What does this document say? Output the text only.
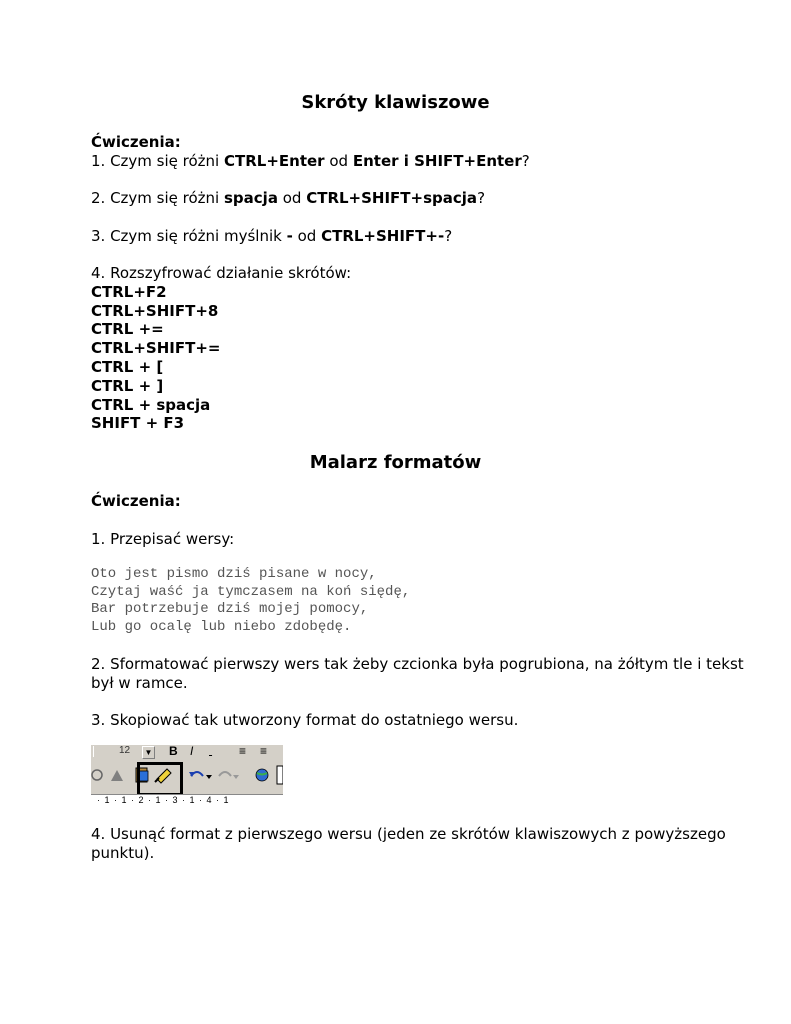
Skróty klawiszowe
Ćwiczenia:
1. Czym się różni CTRL+Enter od Enter i SHIFT+Enter?
2. Czym się różni spacja od CTRL+SHIFT+spacja?
3. Czym się różni myślnik - od CTRL+SHIFT+-?
4. Rozszyfrować działanie skrótów:
CTRL+F2
CTRL+SHIFT+8
CTRL +=
CTRL+SHIFT+=
CTRL + [
CTRL + ]
CTRL + spacja
SHIFT + F3
Malarz formatów
Ćwiczenia:
1. Przepisać wersy:
Oto jest pismo dziś pisane w nocy,
Czytaj waść ja tymczasem na koń siędę,
Bar potrzebuje dziś mojej pomocy,
Lub go ocalę lub niebo zdobędę.
2. Sformatować pierwszy wers tak żeby czcionka była pogrubiona, na żółtym tle i tekst
był w ramce.
3. Skopiować tak utworzony format do ostatniego wersu.
12	▼ B I
	≡ ≡
· 1 · 1 · 2 · 1 · 3 · 1 · 4 · 1
4. Usunąć format z pierwszego wersu (jeden ze skrótów klawiszowych z powyższego
punktu).
